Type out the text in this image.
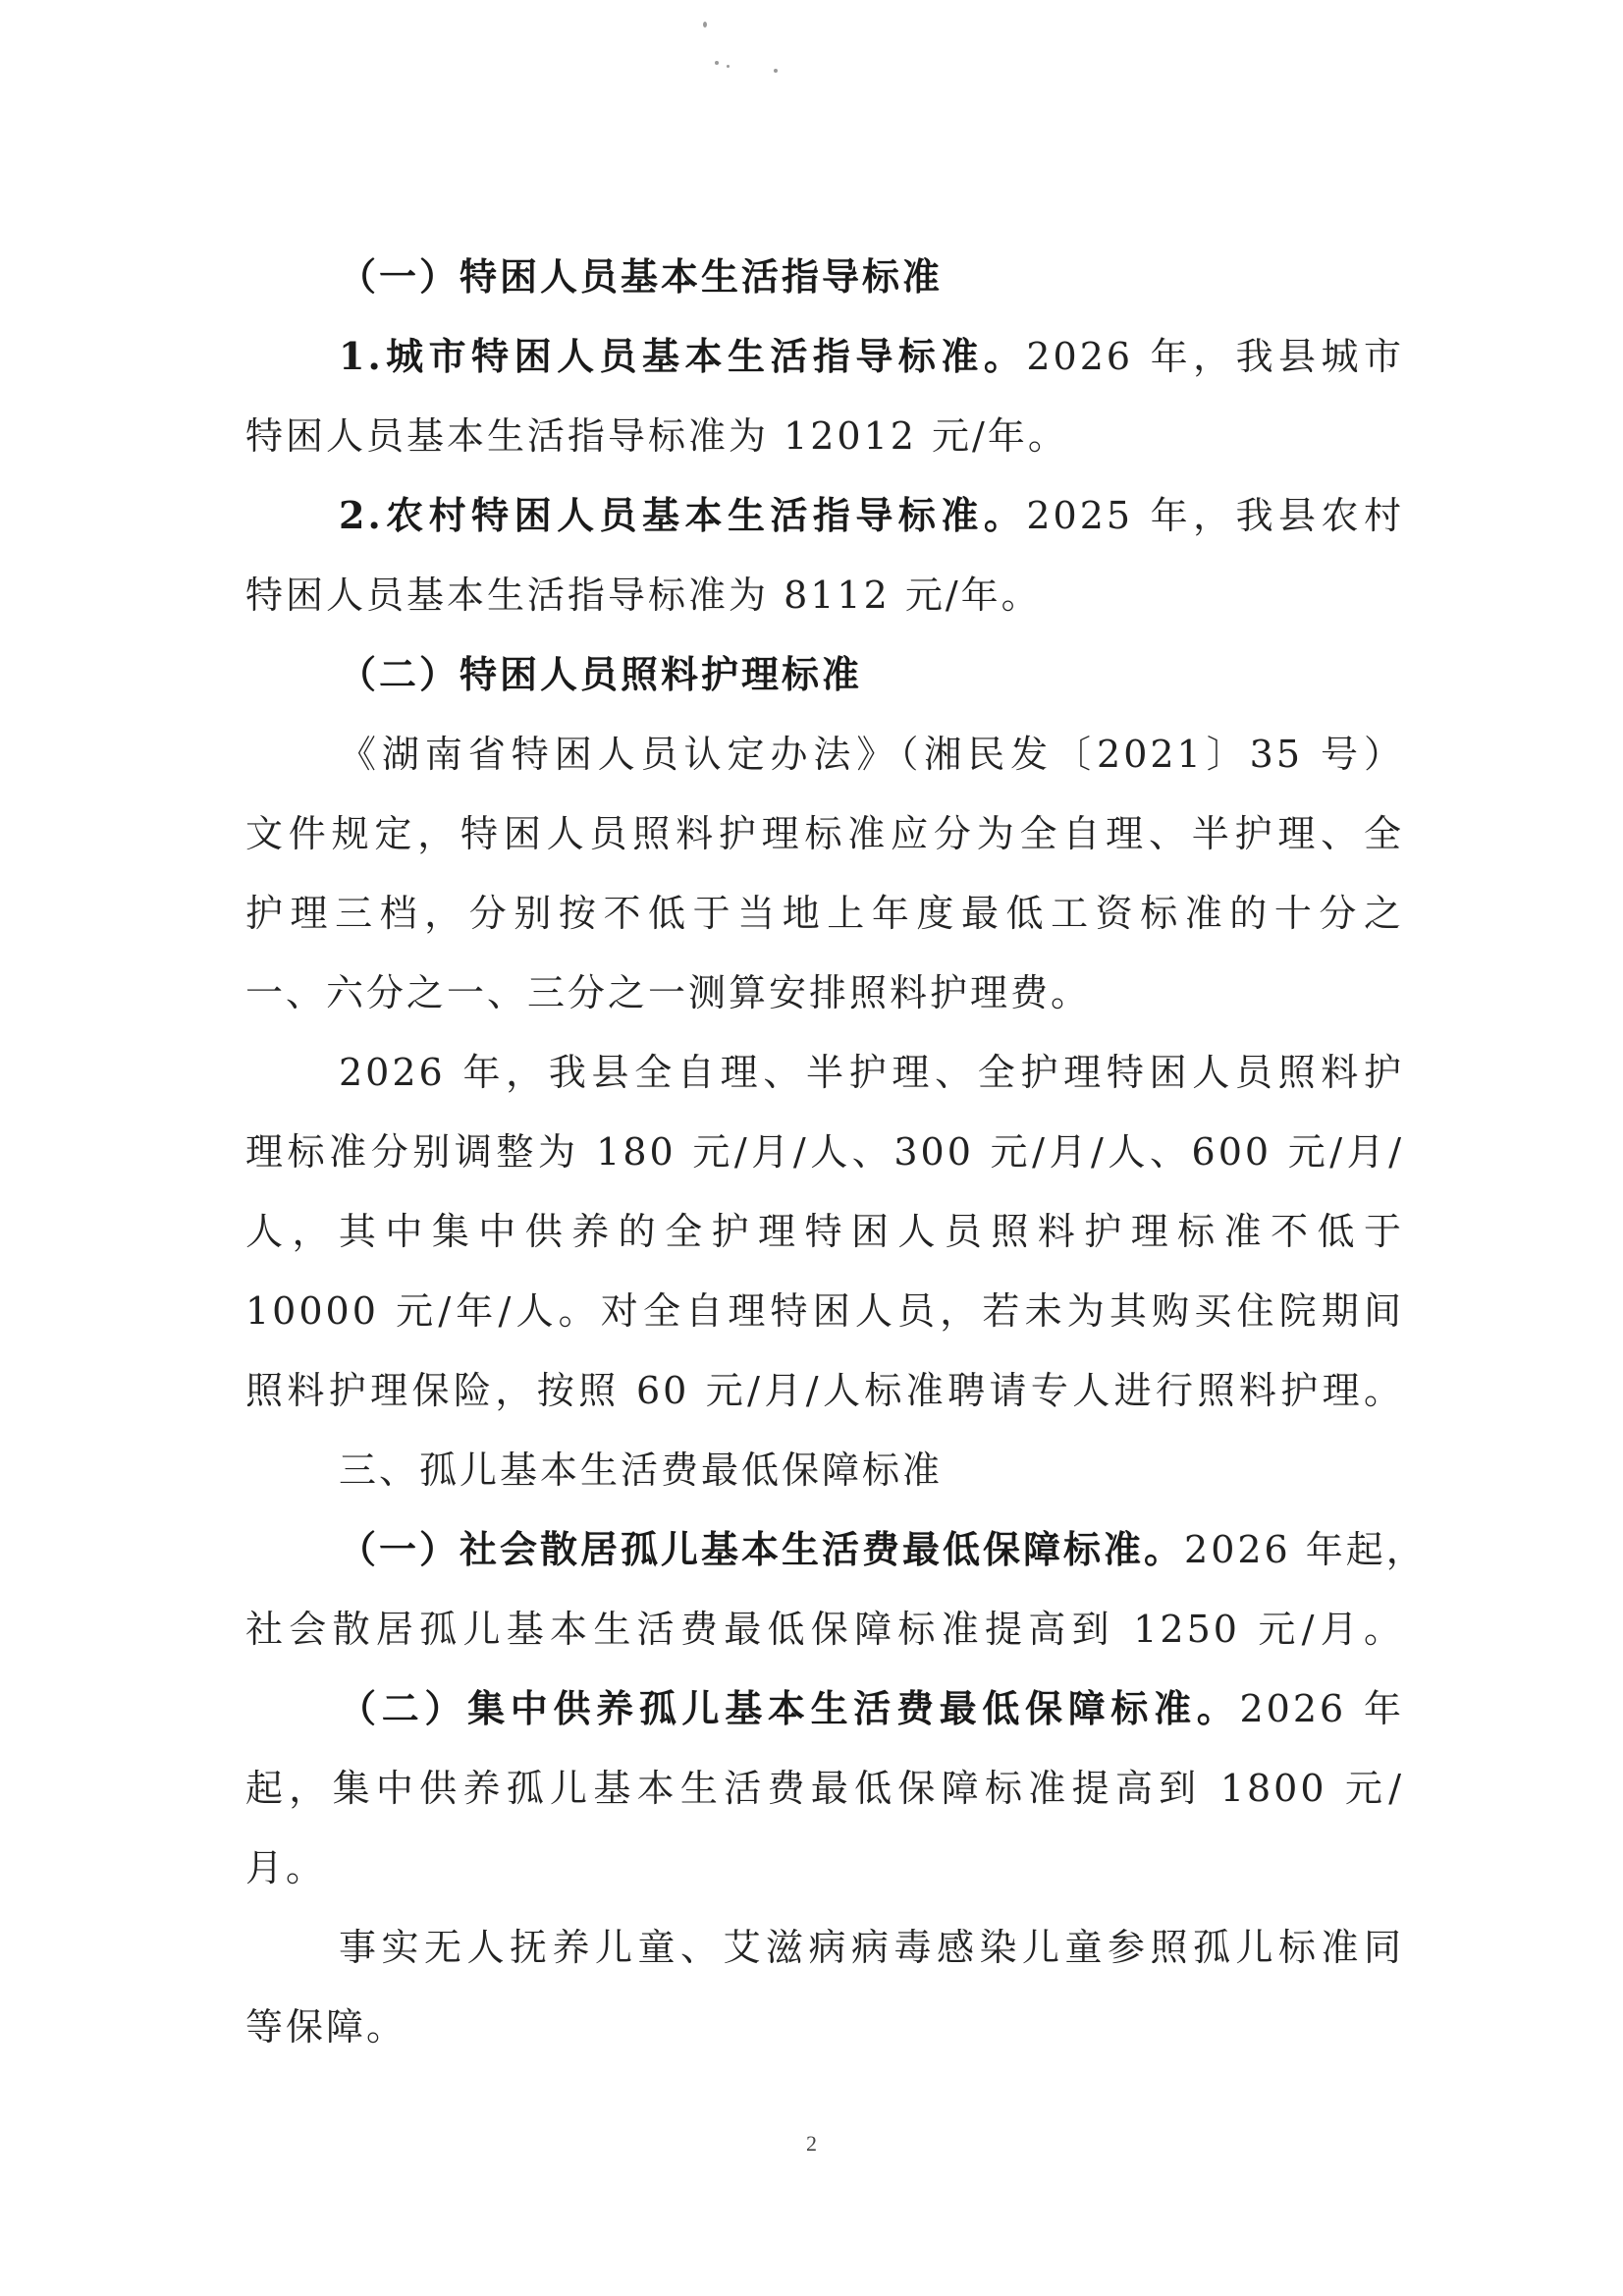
（一）特困人员基本生活指导标准
1.城市特困人员基本生活指导标准。2026 年，我县城市
特困人员基本生活指导标准为 12012 元/年。
2.农村特困人员基本生活指导标准。2025 年，我县农村
特困人员基本生活指导标准为 8112 元/年。
（二）特困人员照料护理标准
《湖南省特困人员认定办法》（湘民发〔2021〕35 号）
文件规定，特困人员照料护理标准应分为全自理、半护理、全
护理三档，分别按不低于当地上年度最低工资标准的十分之
一、六分之一、三分之一测算安排照料护理费。
2026 年，我县全自理、半护理、全护理特困人员照料护
理标准分别调整为 180 元/月/人、300 元/月/人、600 元/月/
人，其中集中供养的全护理特困人员照料护理标准不低于
10000 元/年/人。对全自理特困人员，若未为其购买住院期间
照料护理保险，按照 60 元/月/人标准聘请专人进行照料护理。
三、孤儿基本生活费最低保障标准
（一）社会散居孤儿基本生活费最低保障标准。2026 年起，
社会散居孤儿基本生活费最低保障标准提高到 1250 元/月。
（二）集中供养孤儿基本生活费最低保障标准。2026 年
起，集中供养孤儿基本生活费最低保障标准提高到 1800 元/
月。
事实无人抚养儿童、艾滋病病毒感染儿童参照孤儿标准同
等保障。
2
